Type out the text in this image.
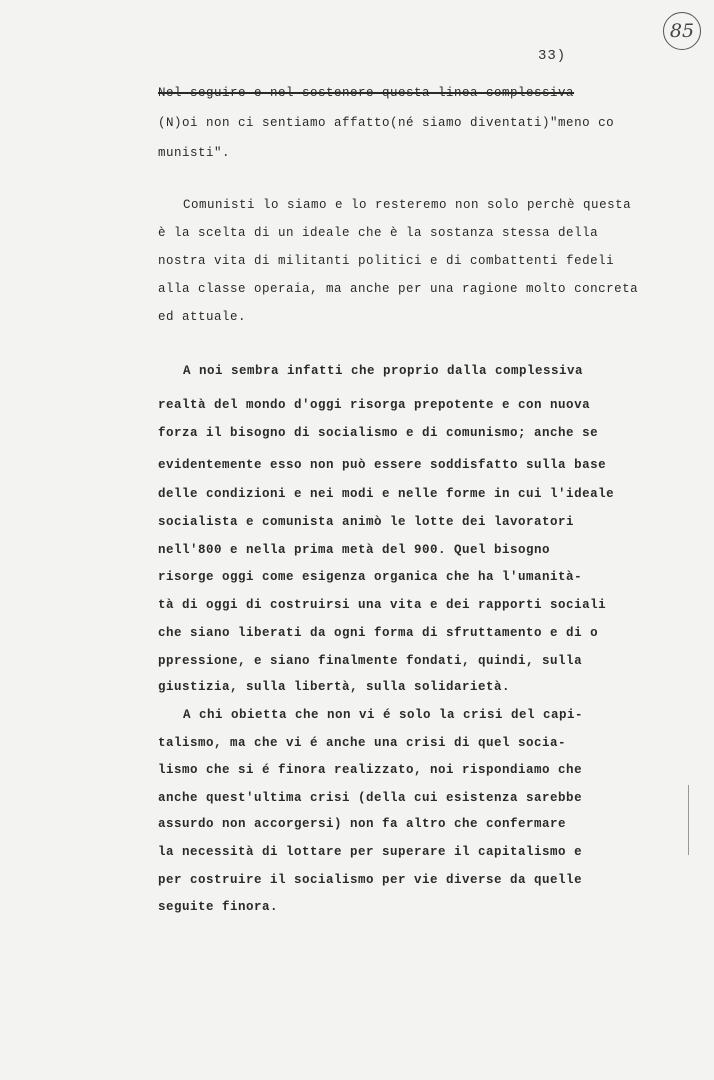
85
33)
Nel seguire e nel sostenere questa linea complessiva
(N)oi non ci sentiamo affatto(né siamo diventati)"meno co
munisti".
Comunisti lo siamo e lo resteremo non solo perchè questa
è la scelta di un ideale che è la sostanza stessa della
nostra vita di militanti politici e di combattenti fedeli
alla classe operaia, ma anche per una ragione molto concreta
ed attuale.
A noi sembra infatti che proprio dalla complessiva
realtà del mondo d'oggi risorga prepotente e con nuova
forza il bisogno di socialismo e di comunismo; anche se
evidentemente esso non può essere soddisfatto sulla base
delle condizioni e nei modi e nelle forme in cui l'ideale
socialista e comunista animò le lotte dei lavoratori
nell'800 e nella prima metà del 900. Quel bisogno
risorge oggi come esigenza organica che ha l'umanità-
tà di oggi di costruirsi una vita e dei rapporti sociali
che siano liberati da ogni forma di sfruttamento e di o
ppressione, e siano finalmente fondati, quindi, sulla
giustizia, sulla libertà, sulla solidarietà.
A chi obietta che non vi é solo la crisi del capi-
talismo, ma che vi é anche una crisi di quel socia-
lismo che si é finora realizzato, noi rispondiamo che
anche quest'ultima crisi (della cui esistenza sarebbe
assurdo non accorgersi) non fa altro che confermare
la necessità di lottare per superare il capitalismo e
per costruire il socialismo per vie diverse da quelle
seguite finora.
